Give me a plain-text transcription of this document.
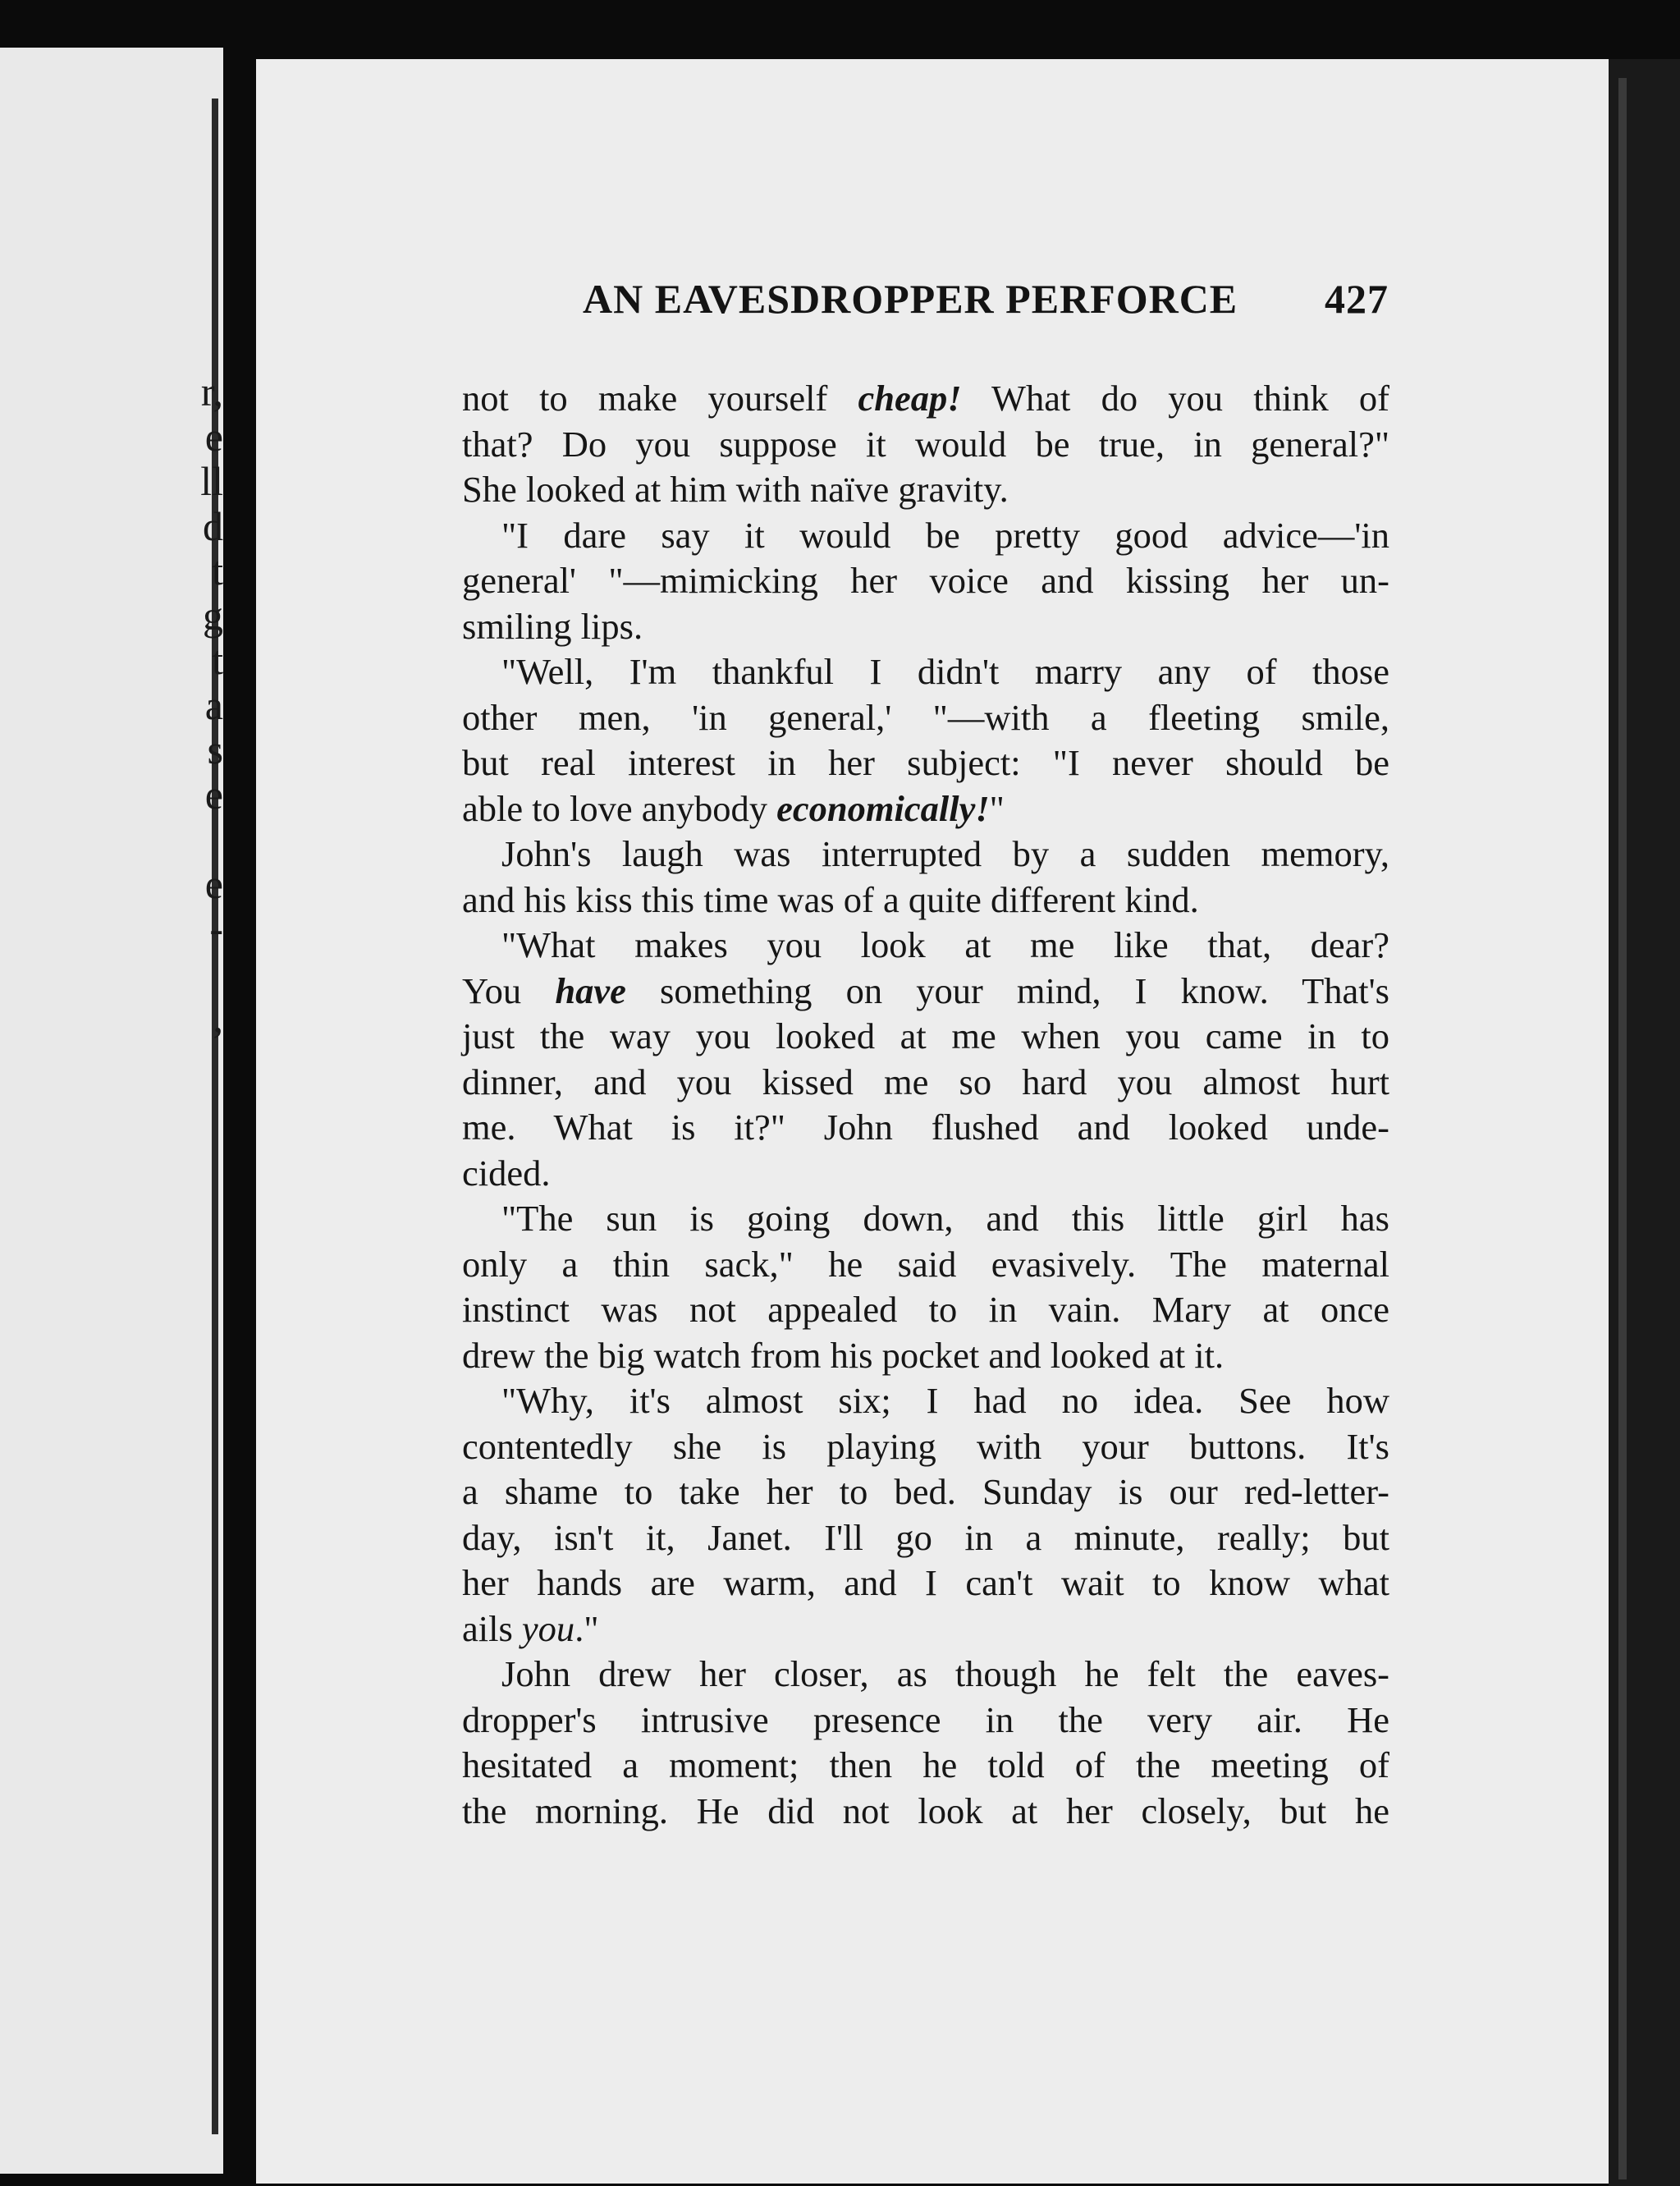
r,
e
ll
d
t
g
t
a
s
e
e
-
,
AN EAVESDROPPER PERFORCE 427
not to make yourself cheap! What do you think of
that? Do you suppose it would be true, in general?"
She looked at him with naïve gravity.
"I dare say it would be pretty good advice—'in
general' "—mimicking her voice and kissing her un-
smiling lips.
"Well, I'm thankful I didn't marry any of those
other men, 'in general,' "—with a fleeting smile,
but real interest in her subject: "I never should be
able to love anybody economically!"
John's laugh was interrupted by a sudden memory,
and his kiss this time was of a quite different kind.
"What makes you look at me like that, dear?
You have something on your mind, I know. That's
just the way you looked at me when you came in to
dinner, and you kissed me so hard you almost hurt
me. What is it?" John flushed and looked unde-
cided.
"The sun is going down, and this little girl has
only a thin sack," he said evasively. The maternal
instinct was not appealed to in vain. Mary at once
drew the big watch from his pocket and looked at it.
"Why, it's almost six; I had no idea. See how
contentedly she is playing with your buttons. It's
a shame to take her to bed. Sunday is our red-letter-
day, isn't it, Janet. I'll go in a minute, really; but
her hands are warm, and I can't wait to know what
ails you."
John drew her closer, as though he felt the eaves-
dropper's intrusive presence in the very air. He
hesitated a moment; then he told of the meeting of
the morning. He did not look at her closely, but he
